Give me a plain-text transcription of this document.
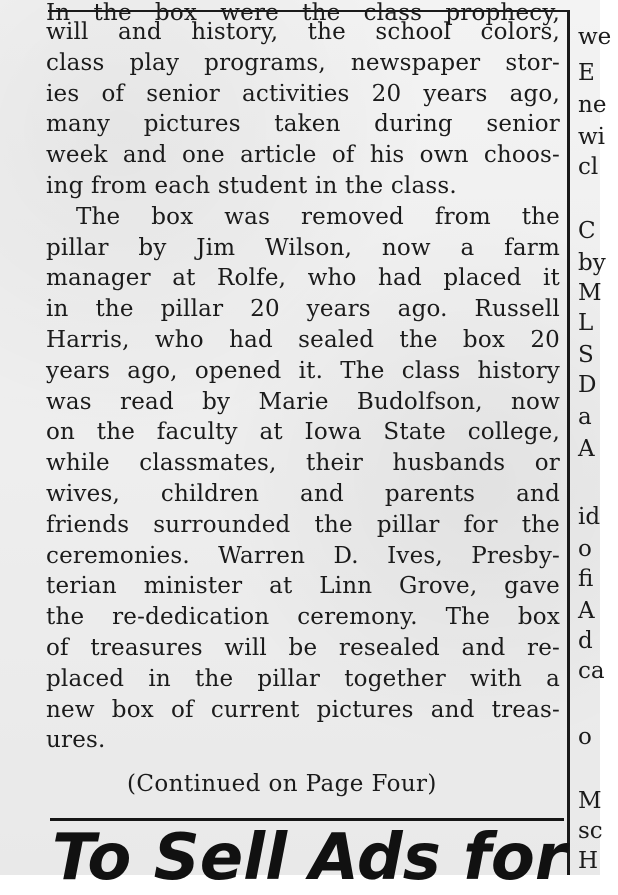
In the box were the class prophecy,
will and history, the school colors,
class play programs, newspaper stor-
ies of senior activities 20 years ago,
many pictures taken during senior
week and one article of his own choos-
ing from each student in the class.
The box was removed from the
pillar by Jim Wilson, now a farm
manager at Rolfe, who had placed it
in the pillar 20 years ago. Russell
Harris, who had sealed the box 20
years ago, opened it. The class history
was read by Marie Budolfson, now
on the faculty at Iowa State college,
while classmates, their husbands or
wives, children and parents and
friends surrounded the pillar for the
ceremonies. Warren D. Ives, Presby-
terian minister at Linn Grove, gave
the re-dedication ceremony. The box
of treasures will be resealed and re-
placed in the pillar together with a
new box of current pictures and treas-
ures.
(Continued on Page Four)
To Sell Ads for
we
E
ne
wi
cl
C
by
M
L
S
D
a
A
id
o
fi
A
d
ca
o
M
sc
H
